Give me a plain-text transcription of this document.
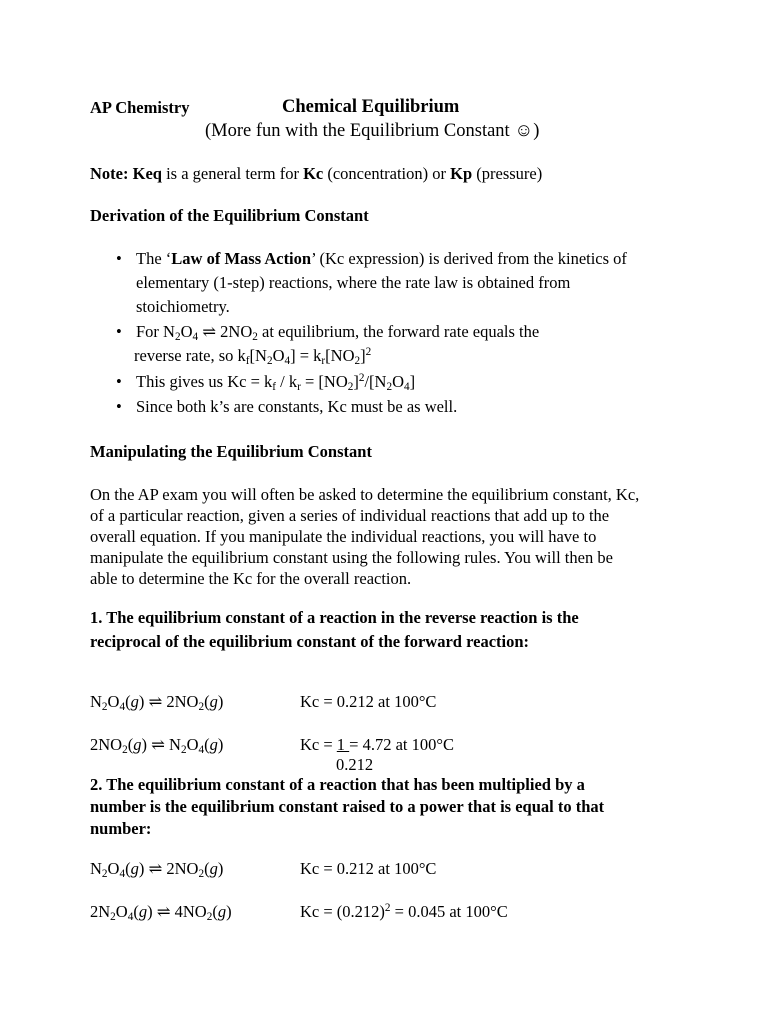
AP Chemistry	Chemical Equilibrium
(More fun with the Equilibrium Constant ☺)
Note: Keq is a general term for Kc (concentration) or Kp (pressure)
Derivation of the Equilibrium Constant
• The ‘Law of Mass Action’ (Kc expression) is derived from the kinetics of
elementary (1-step) reactions, where the rate law is obtained from
stoichiometry.
• For $N_2O_4$ ⇌ $2NO_2$ at equilibrium, the forward rate equals the
reverse rate, so $k_f[N_2O_4] = k_r[NO_2]^2$
• This gives us $Kc = k_f / k_r = [NO_2]^2/[N_2O_4]$
• Since both k’s are constants, Kc must be as well.
Manipulating the Equilibrium Constant
On the AP exam you will often be asked to determine the equilibrium constant, Kc,
of a particular reaction, given a series of individual reactions that add up to the
overall equation. If you manipulate the individual reactions, you will have to
manipulate the equilibrium constant using the following rules. You will then be
able to determine the Kc for the overall reaction.
1. The equilibrium constant of a reaction in the reverse reaction is the
reciprocal of the equilibrium constant of the forward reaction:
$N_2O_4(g)$ ⇌ $2NO_2(g)$	Kc = 0.212 at 100°C
$2NO_2(g)$ ⇌ $N_2O_4(g)$	Kc = 1 = 4.72 at 100°C
0.212
2. The equilibrium constant of a reaction that has been multiplied by a
number is the equilibrium constant raised to a power that is equal to that
number:
$N_2O_4(g)$ ⇌ $2NO_2(g)$	Kc = 0.212 at 100°C
$2N_2O_4(g)$ ⇌ $4NO_2(g)$	$Kc = (0.212)^2 = 0.045$ at 100°C
